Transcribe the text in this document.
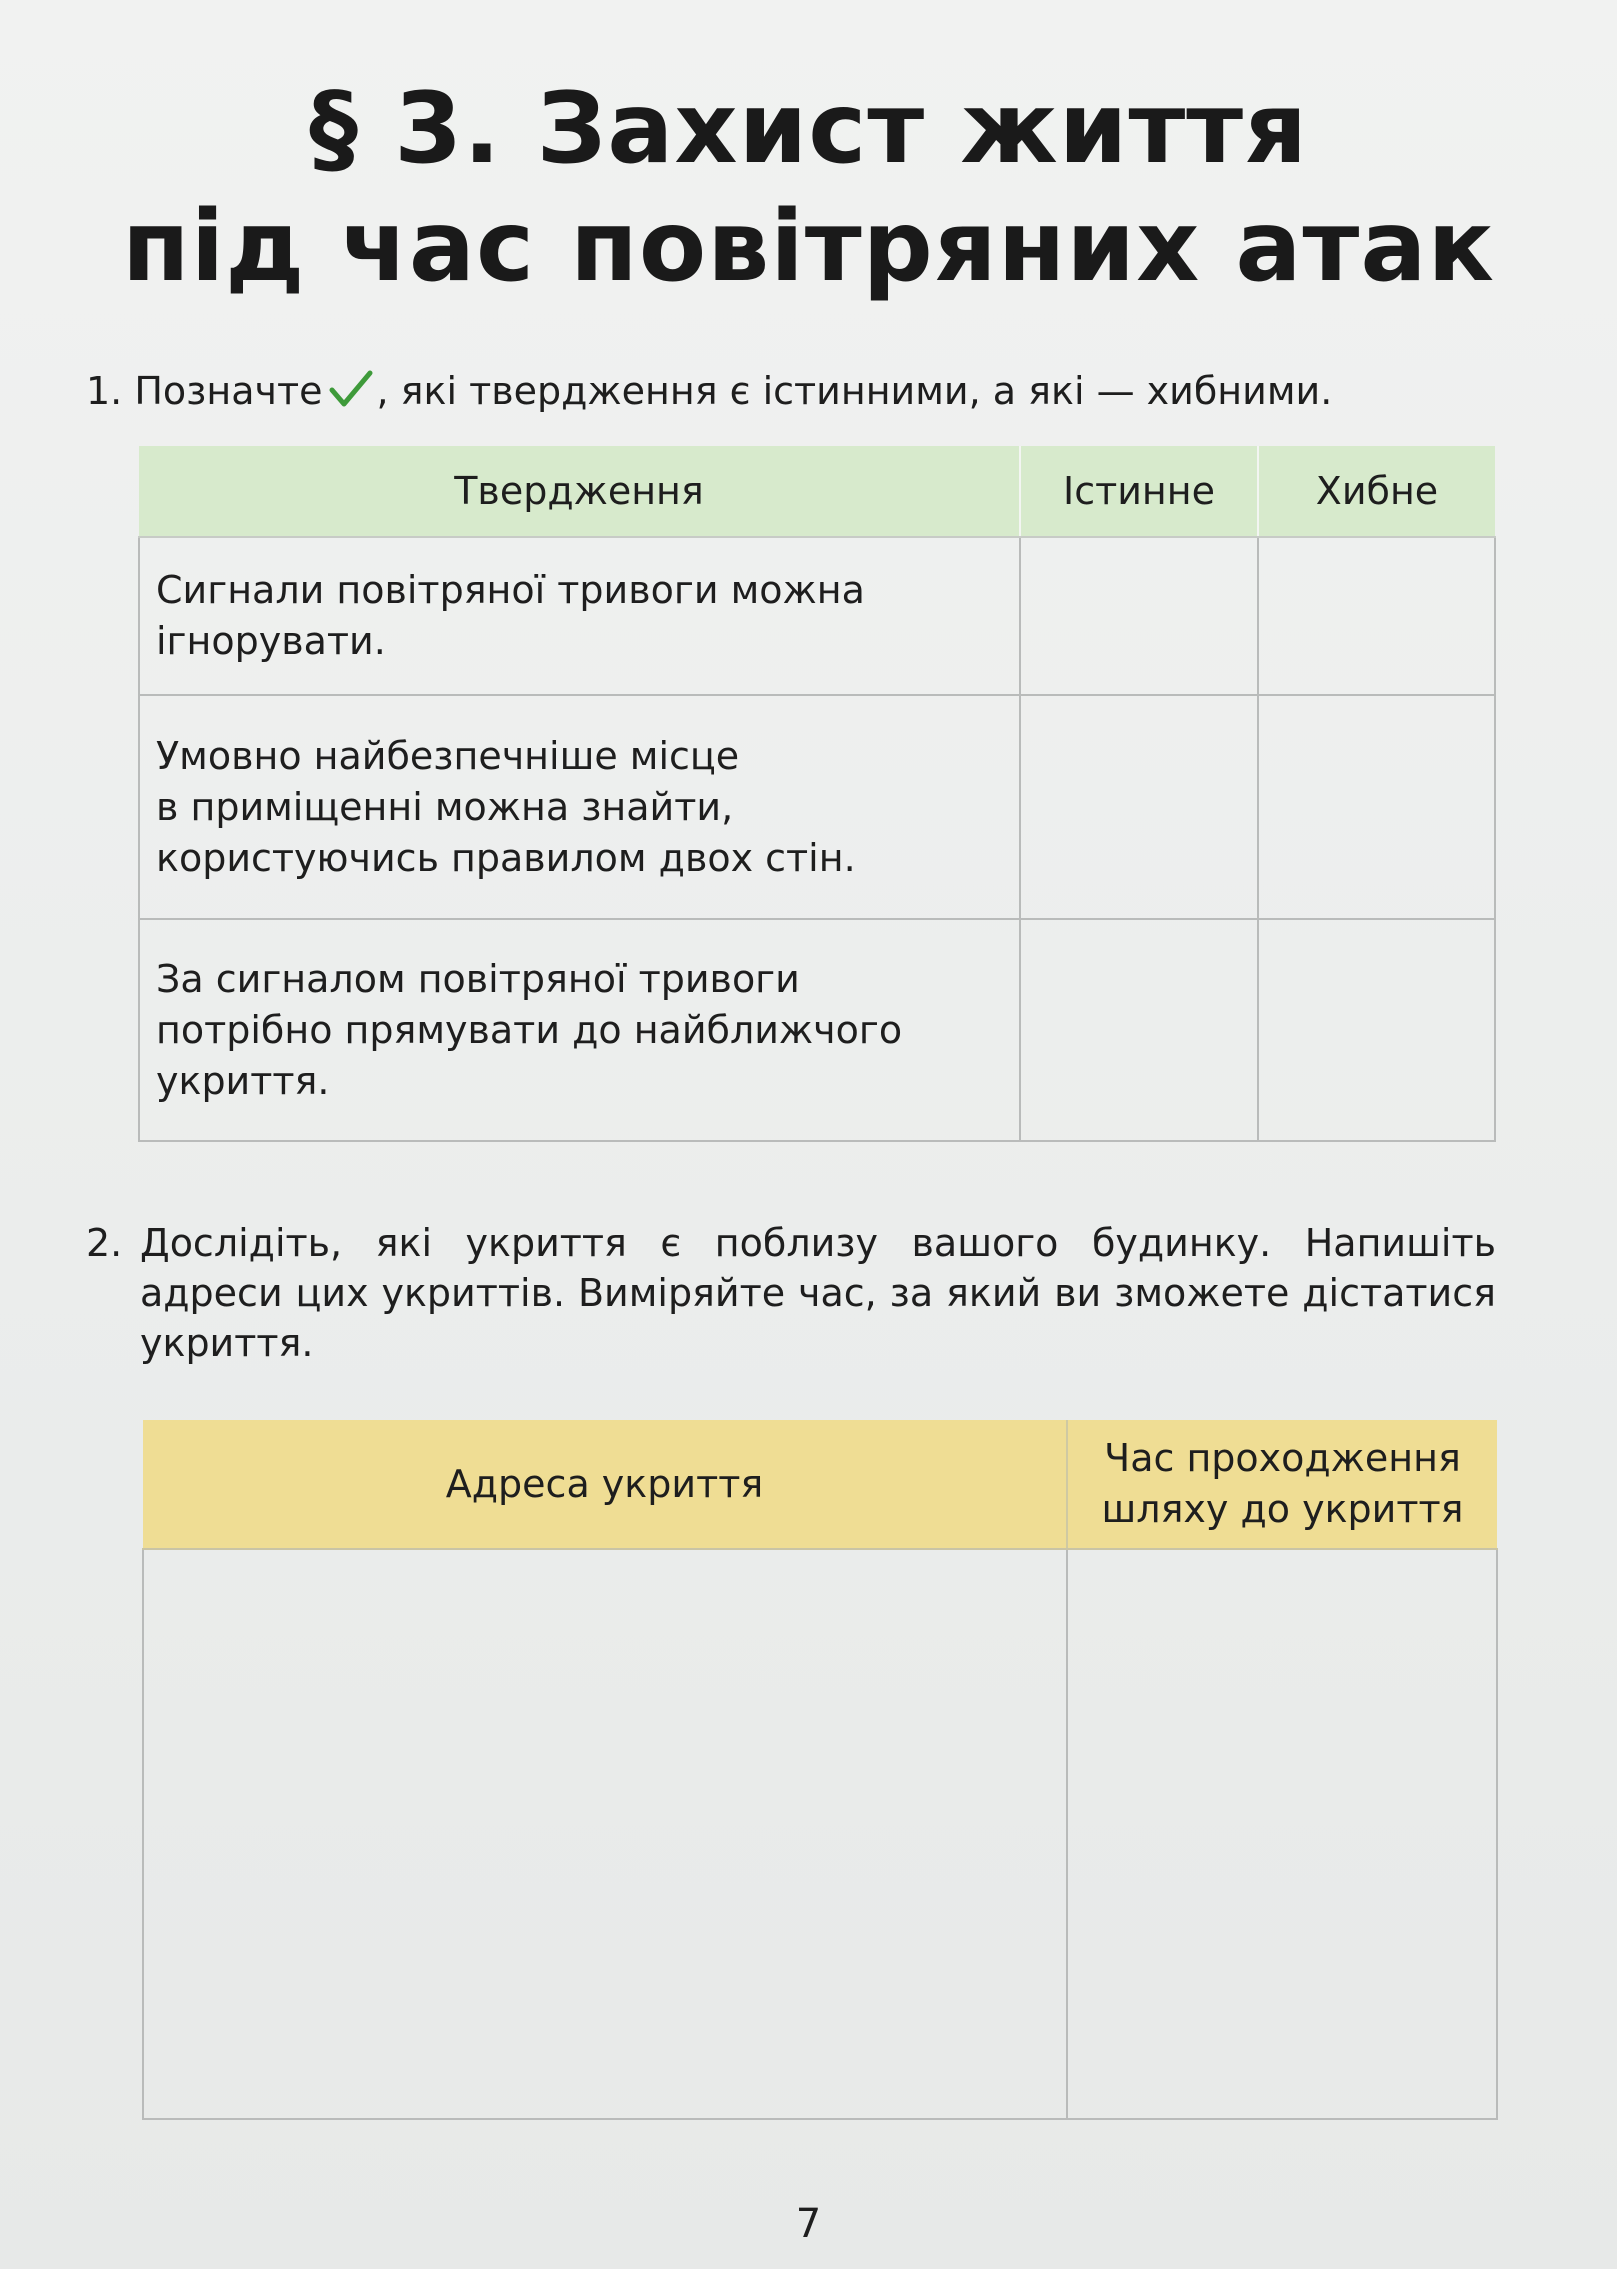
§ 3. Захист життя
під час повітряних атак
1. Позначте , які твердження є істинними, а які — хибними.
Твердження	Істинне	Хибне

Сигнали повітряної тривоги можна
ігнорувати.		

Умовно найбезпечніше місце
в приміщенні можна знайти,
користуючись правилом двох стін.		

За сигналом повітряної тривоги
потрібно прямувати до найближчого
укриття.		

2. Дослідіть, які укриття є поблизу вашого будинку. Напишіть адреси цих укриттів. Виміряйте час, за який ви зможете дістатися укриття.
Адреса укриття	Час проходження
шляху до укриття

7
